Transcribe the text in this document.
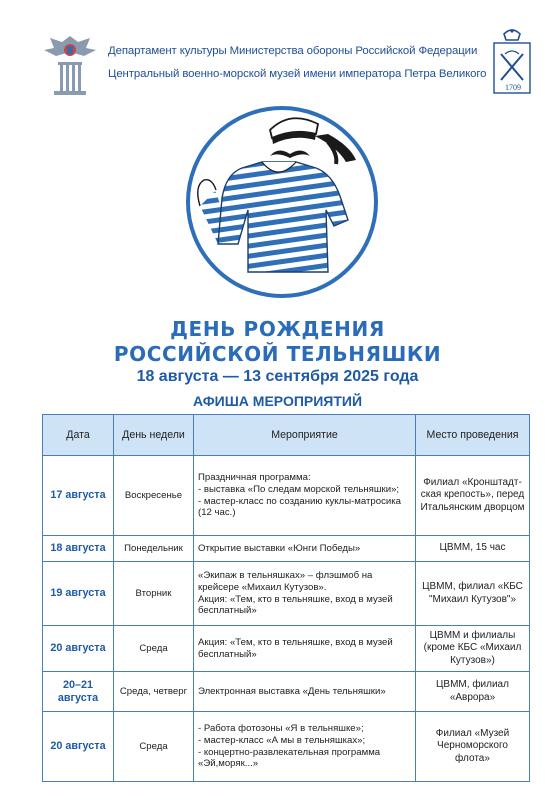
Департамент культуры Министерства обороны Российской Федерации
Центральный военно-морской музей имени императора Петра Великого
1709
ДЕНЬ РОЖДЕНИЯ
РОССИЙСКОЙ ТЕЛЬНЯШКИ
18 августа — 13 сентября 2025 года
АФИША МЕРОПРИЯТИЙ
Дата	День недели	Мероприятие	Место проведения
17 августа	Воскресенье	Праздничная программа:
- выставка «По следам морской тельняшки»;
- мастер-класс по созданию куклы-матросика (12 час.)	Филиал «Кронштадт-ская крепость», перед Итальянским дворцом
18 августа	Понедельник	Открытие выставки «Юнги Победы»	ЦВММ, 15 час
19 августа	Вторник	«Экипаж в тельняшках» – флэшмоб на крейсере «Михаил Кутузов».
Акция: «Тем, кто в тельняшке, вход в музей бесплатный»	ЦВММ, филиал «КБС "Михаил Кутузов"»
20 августа	Среда	Акция: «Тем, кто в тельняшке, вход в музей бесплатный»	ЦВММ и филиалы (кроме КБС «Михаил Кутузов»)
20–21 августа	Среда, четверг	Электронная выставка «День тельняшки»	ЦВММ, филиал «Аврора»
20 августа	Среда	- Работа фотозоны «Я в тельняшке»;
- мастер-класс «А мы в тельняшках»;
- концертно-развлекательная программа «Эй,моряк...»	Филиал «Музей Черноморского флота»
